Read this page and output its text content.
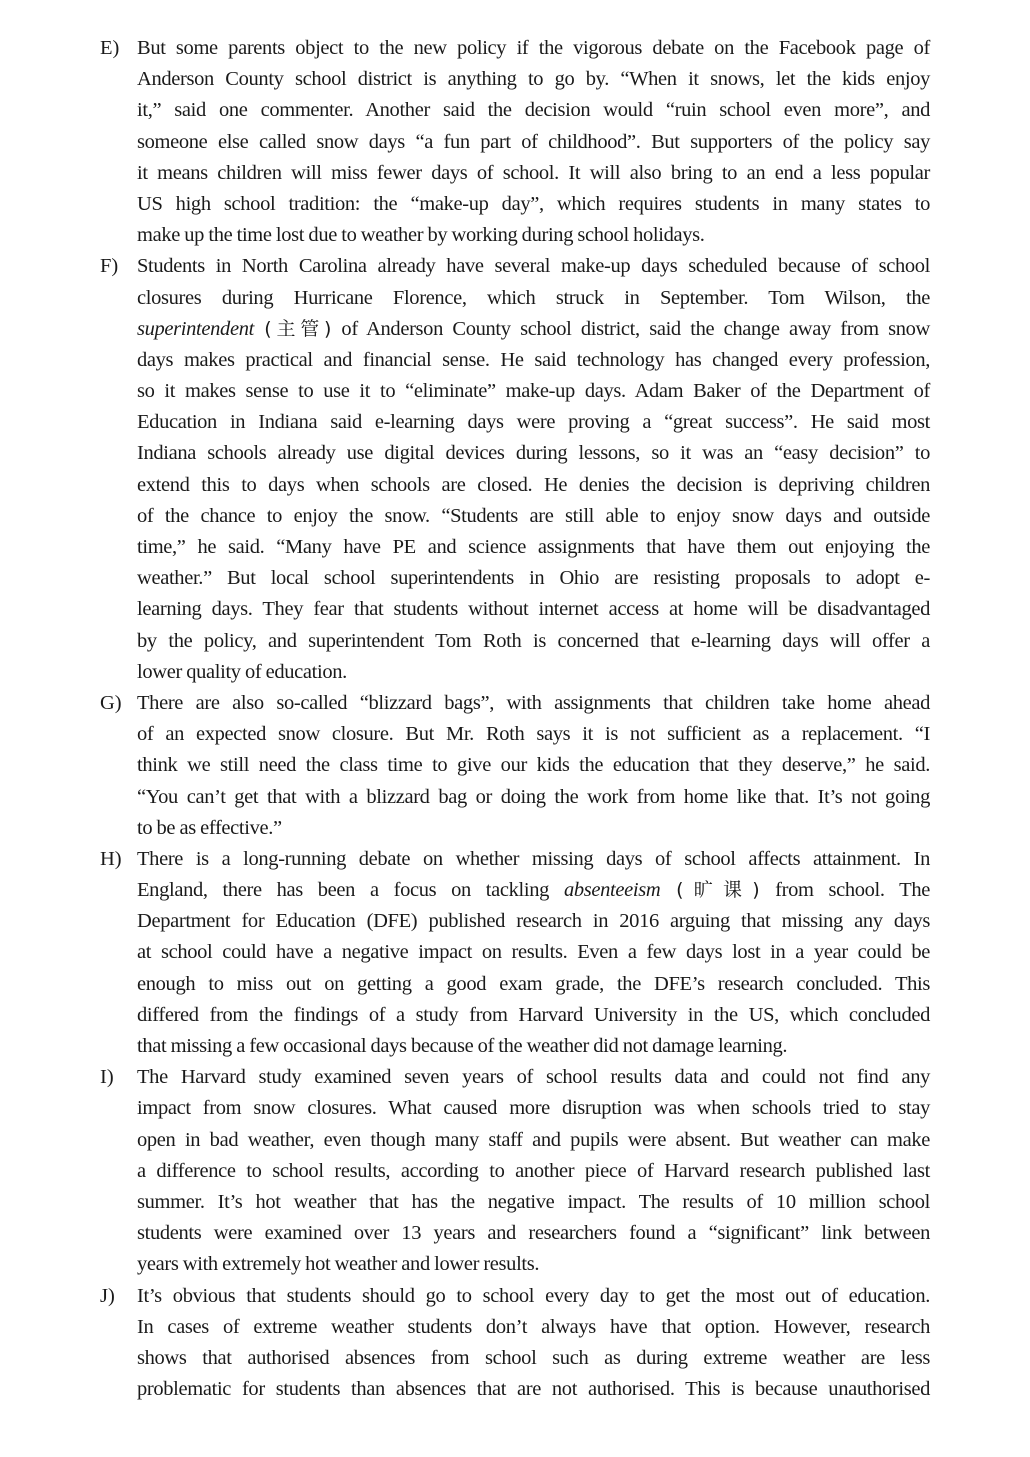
E) But some parents object to the new policy if the vigorous debate on the Facebook page of
Anderson County school district is anything to go by. “When it snows, let the kids enjoy
it,” said one commenter. Another said the decision would “ruin school even more”, and
someone else called snow days “a fun part of childhood”. But supporters of the policy say
it means children will miss fewer days of school. It will also bring to an end a less popular
US high school tradition: the “make-up day”, which requires students in many states to
make up the time lost due to weather by working during school holidays.
F) Students in North Carolina already have several make-up days scheduled because of school
closures during Hurricane Florence, which struck in September. Tom Wilson, the
superintendent (主管) of Anderson County school district, said the change away from snow
days makes practical and financial sense. He said technology has changed every profession,
so it makes sense to use it to “eliminate” make-up days. Adam Baker of the Department of
Education in Indiana said e-learning days were proving a “great success”. He said most
Indiana schools already use digital devices during lessons, so it was an “easy decision” to
extend this to days when schools are closed. He denies the decision is depriving children
of the chance to enjoy the snow. “Students are still able to enjoy snow days and outside
time,” he said. “Many have PE and science assignments that have them out enjoying the
weather.” But local school superintendents in Ohio are resisting proposals to adopt e-
learning days. They fear that students without internet access at home will be disadvantaged
by the policy, and superintendent Tom Roth is concerned that e-learning days will offer a
lower quality of education.
G) There are also so-called “blizzard bags”, with assignments that children take home ahead
of an expected snow closure. But Mr. Roth says it is not sufficient as a replacement. “I
think we still need the class time to give our kids the education that they deserve,” he said.
“You can’t get that with a blizzard bag or doing the work from home like that. It’s not going
to be as effective.”
H) There is a long-running debate on whether missing days of school affects attainment. In
England, there has been a focus on tackling absenteeism (旷课) from school. The
Department for Education (DFE) published research in 2016 arguing that missing any days
at school could have a negative impact on results. Even a few days lost in a year could be
enough to miss out on getting a good exam grade, the DFE’s research concluded. This
differed from the findings of a study from Harvard University in the US, which concluded
that missing a few occasional days because of the weather did not damage learning.
I) The Harvard study examined seven years of school results data and could not find any
impact from snow closures. What caused more disruption was when schools tried to stay
open in bad weather, even though many staff and pupils were absent. But weather can make
a difference to school results, according to another piece of Harvard research published last
summer. It’s hot weather that has the negative impact. The results of 10 million school
students were examined over 13 years and researchers found a “significant” link between
years with extremely hot weather and lower results.
J) It’s obvious that students should go to school every day to get the most out of education.
In cases of extreme weather students don’t always have that option. However, research
shows that authorised absences from school such as during extreme weather are less
problematic for students than absences that are not authorised. This is because unauthorised
